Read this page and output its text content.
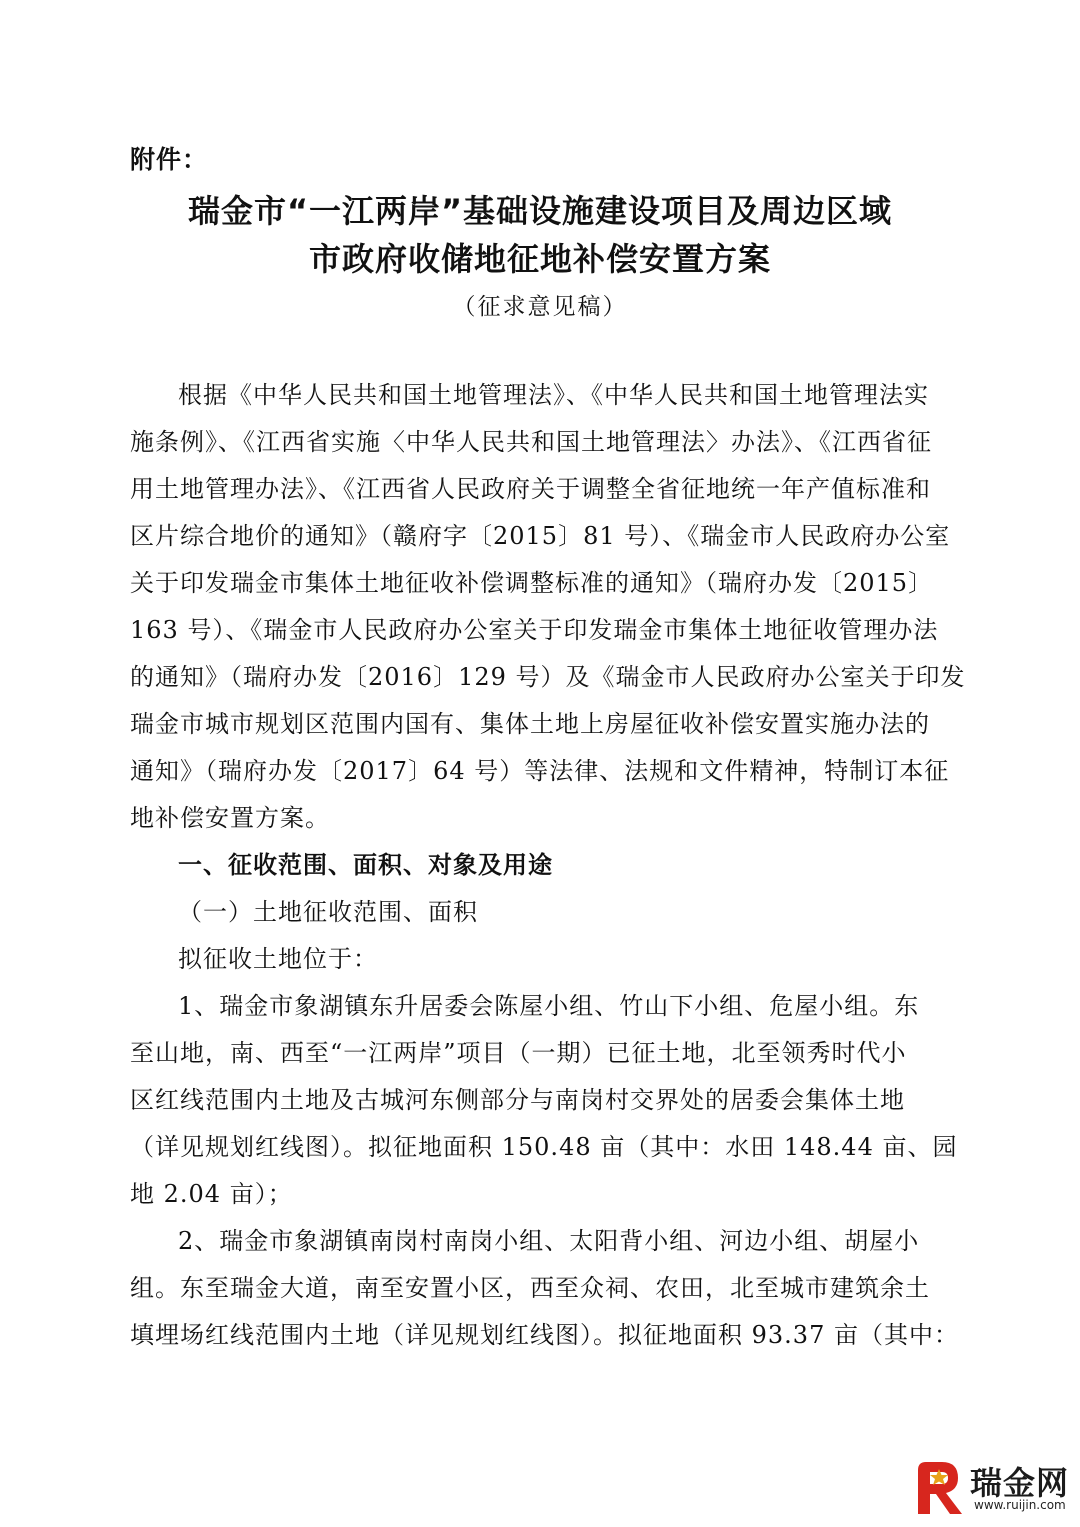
附件：
瑞金市“一江两岸”基础设施建设项目及周边区域
市政府收储地征地补偿安置方案
（征求意见稿）
根据《中华人民共和国土地管理法》、《中华人民共和国土地管理法实
施条例》、《江西省实施〈中华人民共和国土地管理法〉办法》、《江西省征
用土地管理办法》、《江西省人民政府关于调整全省征地统一年产值标准和
区片综合地价的通知》（赣府字〔2015〕81 号）、《瑞金市人民政府办公室
关于印发瑞金市集体土地征收补偿调整标准的通知》（瑞府办发〔2015〕
163 号）、《瑞金市人民政府办公室关于印发瑞金市集体土地征收管理办法
的通知》（瑞府办发〔2016〕129 号）及《瑞金市人民政府办公室关于印发
瑞金市城市规划区范围内国有、集体土地上房屋征收补偿安置实施办法的
通知》（瑞府办发〔2017〕64 号）等法律、法规和文件精神，特制订本征
地补偿安置方案。
一、征收范围、面积、对象及用途
（一）土地征收范围、面积
拟征收土地位于：
1、瑞金市象湖镇东升居委会陈屋小组、竹山下小组、危屋小组。东
至山地，南、西至“一江两岸”项目（一期）已征土地，北至领秀时代小
区红线范围内土地及古城河东侧部分与南岗村交界处的居委会集体土地
（详见规划红线图）。拟征地面积 150.48 亩（其中：水田 148.44 亩、园
地 2.04 亩）；
2、瑞金市象湖镇南岗村南岗小组、太阳背小组、河边小组、胡屋小
组。东至瑞金大道，南至安置小区，西至众祠、农田，北至城市建筑余土
填埋场红线范围内土地（详见规划红线图）。拟征地面积 93.37 亩（其中：
瑞金网
www.ruijin.com
